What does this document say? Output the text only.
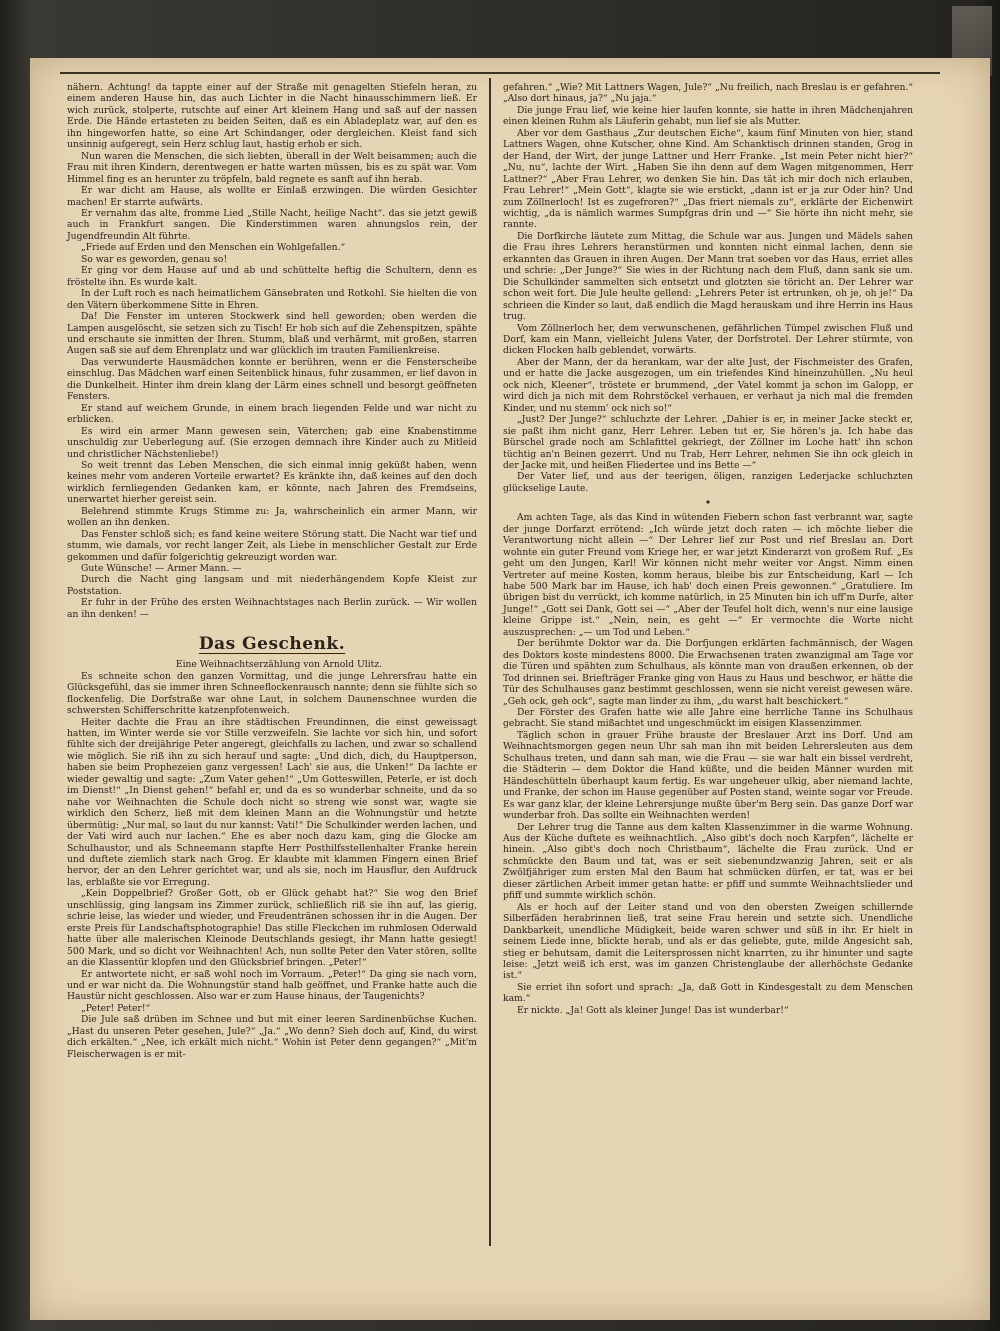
nähern. Achtung! da tappte einer auf der Straße mit genagelten Stiefeln heran, zu einem anderen Hause hin, das auch Lichter in die Nacht hinausschimmern ließ. Er wich zurück, stolperte, rutschte auf einer Art kleinem Hang und saß auf der nassen Erde. Die Hände ertasteten zu beiden Seiten, daß es ein Abladeplatz war, auf den es ihn hingeworfen hatte, so eine Art Schindanger, oder dergleichen. Kleist fand sich unsinnig aufgeregt, sein Herz schlug laut, hastig erhob er sich.

Nun waren die Menschen, die sich liebten, überall in der Welt beisammen; auch die Frau mit ihren Kindern, derentwegen er hatte warten müssen, bis es zu spät war. Vom Himmel fing es an herunter zu tröpfeln, bald regnete es sanft auf ihn herab.

Er war dicht am Hause, als wollte er Einlaß erzwingen. Die würden Gesichter machen! Er starrte aufwärts.

Er vernahm das alte, fromme Lied „Stille Nacht, heilige Nacht“. das sie jetzt gewiß auch in Frankfurt sangen. Die Kinderstimmen waren ahnungslos rein, der Jugendfreundin Alt führte.

„Friede auf Erden und den Menschen ein Wohlgefallen.“

So war es geworden, genau so!

Er ging vor dem Hause auf und ab und schüttelte heftig die Schultern, denn es fröstelte ihn. Es wurde kalt.

In der Luft roch es nach heimatlichem Gänsebraten und Rotkohl. Sie hielten die von den Vätern überkommene Sitte in Ehren.

Da! Die Fenster im unteren Stockwerk sind hell geworden; oben werden die Lampen ausgelöscht, sie setzen sich zu Tisch! Er hob sich auf die Zehenspitzen, spähte und erschaute sie inmitten der Ihren. Stumm, blaß und verhärmt, mit großen, starren Augen saß sie auf dem Ehrenplatz und war glücklich im trauten Familienkreise.

Das verwunderte Hausmädchen konnte er berühren, wenn er die Fensterscheibe einschlug. Das Mädchen warf einen Seitenblick hinaus, fuhr zusammen, er lief davon in die Dunkelheit. Hinter ihm drein klang der Lärm eines schnell und besorgt geöffneten Fensters.

Er stand auf weichem Grunde, in einem brach liegenden Felde und war nicht zu erblicken.

Es wird ein armer Mann gewesen sein, Väterchen; gab eine Knabenstimme unschuldig zur Ueberlegung auf. (Sie erzogen demnach ihre Kinder auch zu Mitleid und christlicher Nächstenliebe!)

So weit trennt das Leben Menschen, die sich einmal innig geküßt haben, wenn keines mehr vom anderen Vorteile erwartet? Es kränkte ihn, daß keines auf den doch wirklich fernliegenden Gedanken kam, er könnte, nach Jahren des Fremdseins, unerwartet hierher gereist sein.

Belehrend stimmte Krugs Stimme zu: Ja, wahrscheinlich ein armer Mann, wir wollen an ihn denken.

Das Fenster schloß sich; es fand keine weitere Störung statt. Die Nacht war tief und stumm, wie damals, vor recht langer Zeit, als Liebe in menschlicher Gestalt zur Erde gekommen und dafür folgerichtig gekreuzigt worden war.

Gute Wünsche! — Armer Mann. —

Durch die Nacht ging langsam und mit niederhängendem Kopfe Kleist zur Poststation.

Er fuhr in der Frühe des ersten Weihnachtstages nach Berlin zurück. — Wir wollen an ihn denken! —

Das Geschenk.

Eine Weihnachtserzählung von Arnold Ulitz.

Es schneite schon den ganzen Vormittag, und die junge Lehrersfrau hatte ein Glücksgefühl, das sie immer ihren Schneeflockenrausch nannte; denn sie fühlte sich so flockenfelig. Die Dorfstraße war ohne Laut, in solchem Daunenschnee wurden die schwersten Schifferschritte katzenpfotenweich.

Heiter dachte die Frau an ihre städtischen Freundinnen, die einst geweissagt hatten, im Winter werde sie vor Stille verzweifeln. Sie lachte vor sich hin, und sofort fühlte sich der dreijährige Peter angeregt, gleichfalls zu lachen, und zwar so schallend wie möglich. Sie riß ihn zu sich herauf und sagte: „Und dich, dich, du Hauptperson, haben sie beim Prophezeien ganz vergessen! Lach' sie aus, die Unken!“ Da lachte er wieder gewaltig und sagte: „Zum Vater gehen!“ „Um Gotteswillen, Peterle, er ist doch im Dienst!“ „In Dienst gehen!“ befahl er, und da es so wunderbar schneite, und da so nahe vor Weihnachten die Schule doch nicht so streng wie sonst war, wagte sie wirklich den Scherz, ließ mit dem kleinen Mann an die Wohnungstür und hetzte übermütig: „Nur mal, so laut du nur kannst: Vati!“ Die Schulkinder werden lachen, und der Vati wird auch nur lachen.“ Ehe es aber noch dazu kam, ging die Glocke am Schulhaustor, und als Schneemann stapfte Herr Posthilfsstellenhalter Franke herein und duftete ziemlich stark nach Grog. Er klaubte mit klammen Fingern einen Brief hervor, der an den Lehrer gerichtet war, und als sie, noch im Hausflur, den Aufdruck las, erblaßte sie vor Erregung.

„Kein Doppelbrief? Großer Gott, ob er Glück gehabt hat?“ Sie wog den Brief unschlüssig, ging langsam ins Zimmer zurück, schließlich riß sie ihn auf, las gierig, schrie leise, las wieder und wieder, und Freudentränen schossen ihr in die Augen. Der erste Preis für Landschaftsphotographie! Das stille Fleckchen im ruhmlosen Oderwald hatte über alle malerischen Kleinode Deutschlands gesiegt, ihr Mann hatte gesiegt! 500 Mark, und so dicht vor Weihnachten! Ach, nun sollte Peter den Vater stören, sollte an die Klassentür klopfen und den Glücksbrief bringen. „Peter!“

Er antwortete nicht, er saß wohl noch im Vorraum. „Peter!“ Da ging sie nach vorn, und er war nicht da. Die Wohnungstür stand halb geöffnet, und Franke hatte auch die Haustür nicht geschlossen. Also war er zum Hause hinaus, der Taugenichts?

„Peter! Peter!“

Die Jule saß drüben im Schnee und but mit einer leeren Sardinenbüchse Kuchen. „Hast du unseren Peter gesehen, Jule?“ „Ja.“ „Wo denn? Sieh doch auf, Kind, du wirst dich erkälten.“ „Nee, ich erkält mich nicht.“ Wohin ist Peter denn gegangen?“ „Mit'm Fleischerwagen is er mit-

gefahren.“ „Wie? Mit Lattners Wagen, Jule?“ „Nu freilich, nach Breslau is er gefahren.“ „Also dort hinaus, ja?“ „Nu jaja.“

Die junge Frau lief, wie keine hier laufen konnte, sie hatte in ihren Mädchenjahren einen kleinen Ruhm als Läuferin gehabt, nun lief sie als Mutter.

Aber vor dem Gasthaus „Zur deutschen Eiche“, kaum fünf Minuten von hier, stand Lattners Wagen, ohne Kutscher, ohne Kind. Am Schanktisch drinnen standen, Grog in der Hand, der Wirt, der junge Lattner und Herr Franke. „Ist mein Peter nicht hier?“ „Nu, nu“, lachte der Wirt. „Haben Sie ihn denn auf dem Wagen mitgenommen, Herr Lattner?“ „Aber Frau Lehrer, wo denken Sie hin. Das tät ich mir doch nich erlauben, Frau Lehrer!“ „Mein Gott“, klagte sie wie erstickt, „dann ist er ja zur Oder hin? Und zum Zöllnerloch! Ist es zugefroren?“ „Das friert niemals zu“, erklärte der Eichenwirt wichtig, „da is nämlich warmes Sumpfgras drin und —“ Sie hörte ihn nicht mehr, sie rannte.

Die Dorfkirche läutete zum Mittag, die Schule war aus. Jungen und Mädels sahen die Frau ihres Lehrers heranstürmen und konnten nicht einmal lachen, denn sie erkannten das Grauen in ihren Augen. Der Mann trat soeben vor das Haus, erriet alles und schrie: „Der Junge?“ Sie wies in der Richtung nach dem Fluß, dann sank sie um. Die Schulkinder sammelten sich entsetzt und glotzten sie töricht an. Der Lehrer war schon weit fort. Die Jule heulte gellend: „Lehrers Peter ist ertrunken, oh je, oh je!“ Da schrieen die Kinder so laut, daß endlich die Magd herauskam und ihre Herrin ins Haus trug.

Vom Zöllnerloch her, dem verwunschenen, gefährlichen Tümpel zwischen Fluß und Dorf, kam ein Mann, vielleicht Julens Vater, der Dorfstrotel. Der Lehrer stürmte, von dicken Flocken halb geblendet, vorwärts.

Aber der Mann, der da herankam, war der alte Just, der Fischmeister des Grafen, und er hatte die Jacke ausgezogen, um ein triefendes Kind hineinzuhüllen. „Nu heul ock nich, Kleener“, tröstete er brummend, „der Vatel kommt ja schon im Galopp, er wird dich ja nich mit dem Rohrstöckel verhauen, er verhaut ja nich mal die fremden Kinder, und nu stemm' ock nich so!“

„Just? Der Junge?“ schluchzte der Lehrer. „Dahier is er, in meiner Jacke steckt er, sie paßt ihm nicht ganz, Herr Lehrer. Leben tut er, Sie hören's ja. Ich habe das Bürschel grade noch am Schlafittel gekriegt, der Zöllner im Loche hatt' ihn schon tüchtig an'n Beinen gezerrt. Und nu Trab, Herr Lehrer, nehmen Sie ihn ock gleich in der Jacke mit, und heißen Fliedertee und ins Bette —“

Der Vater lief, und aus der teerigen, öligen, ranzigen Lederjacke schluchzten glückselige Laute.

Am achten Tage, als das Kind in wütenden Fiebern schon fast verbrannt war, sagte der junge Dorfarzt errötend: „Ich würde jetzt doch raten — ich möchte lieber die Verantwortung nicht allein —“ Der Lehrer lief zur Post und rief Breslau an. Dort wohnte ein guter Freund vom Kriege her, er war jetzt Kinderarzt von großem Ruf. „Es geht um den Jungen, Karl! Wir können nicht mehr weiter vor Angst. Nimm einen Vertreter auf meine Kosten, komm heraus, bleibe bis zur Entscheidung, Karl — Ich habe 500 Mark bar im Hause, ich hab' doch einen Preis gewonnen.“ „Gratuliere. Im übrigen bist du verrückt, ich komme natürlich, in 25 Minuten bin ich uff'm Durfe, alter Junge!“ „Gott sei Dank, Gott sei —“ „Aber der Teufel holt dich, wenn's nur eine lausige kleine Grippe ist.“ „Nein, nein, es geht —“ Er vermochte die Worte nicht auszusprechen: „— um Tod und Leben.“

Der berühmte Doktor war da. Die Dorfjungen erklärten fachmännisch, der Wagen des Doktors koste mindestens 8000. Die Erwachsenen traten zwanzigmal am Tage vor die Türen und spähten zum Schulhaus, als könnte man von draußen erkennen, ob der Tod drinnen sei. Briefträger Franke ging von Haus zu Haus und beschwor, er hätte die Tür des Schulhauses ganz bestimmt geschlossen, wenn sie nicht vereist gewesen wäre. „Geh ock, geh ock“, sagte man linder zu ihm, „du warst halt beschickert.“

Der Förster des Grafen hatte wie alle Jahre eine herrliche Tanne ins Schulhaus gebracht. Sie stand mißachtet und ungeschmückt im eisigen Klassenzimmer.

Täglich schon in grauer Frühe brauste der Breslauer Arzt ins Dorf. Und am Weihnachtsmorgen gegen neun Uhr sah man ihn mit beiden Lehrersleuten aus dem Schulhaus treten, und dann sah man, wie die Frau — sie war halt ein bissel verdreht, die Städterin — dem Doktor die Hand küßte, und die beiden Männer wurden mit Händeschütteln überhaupt kaum fertig. Es war ungeheuer ulkig, aber niemand lachte, und Franke, der schon im Hause gegenüber auf Posten stand, weinte sogar vor Freude. Es war ganz klar, der kleine Lehrersjunge mußte über'm Berg sein. Das ganze Dorf war wunderbar froh. Das sollte ein Weihnachten werden!

Der Lehrer trug die Tanne aus dem kalten Klassenzimmer in die warme Wohnung. Aus der Küche duftete es weihnachtlich. „Also gibt's doch noch Karpfen“, lächelte er hinein. „Also gibt's doch noch Christbaum“, lächelte die Frau zurück. Und er schmückte den Baum und tat, was er seit siebenundzwanzig Jahren, seit er als Zwölfjähriger zum ersten Mal den Baum hat schmücken dürfen, er tat, was er bei dieser zärtlichen Arbeit immer getan hatte: er pfiff und summte Weihnachtslieder und pfiff und summte wirklich schön.

Als er hoch auf der Leiter stand und von den obersten Zweigen schillernde Silberfäden herabrinnen ließ, trat seine Frau herein und setzte sich. Unendliche Dankbarkeit, unendliche Müdigkeit, beide waren schwer und süß in ihr. Er hielt in seinem Liede inne, blickte herab, und als er das geliebte, gute, milde Angesicht sah, stieg er behutsam, damit die Leitersprossen nicht knarrten, zu ihr hinunter und sagte leise: „Jetzt weiß ich erst, was im ganzen Christenglaube der allerhöchste Gedanke ist.“

Sie erriet ihn sofort und sprach: „Ja, daß Gott in Kindesgestalt zu dem Menschen kam.“

Er nickte. „Ja! Gott als kleiner Junge! Das ist wunderbar!“
